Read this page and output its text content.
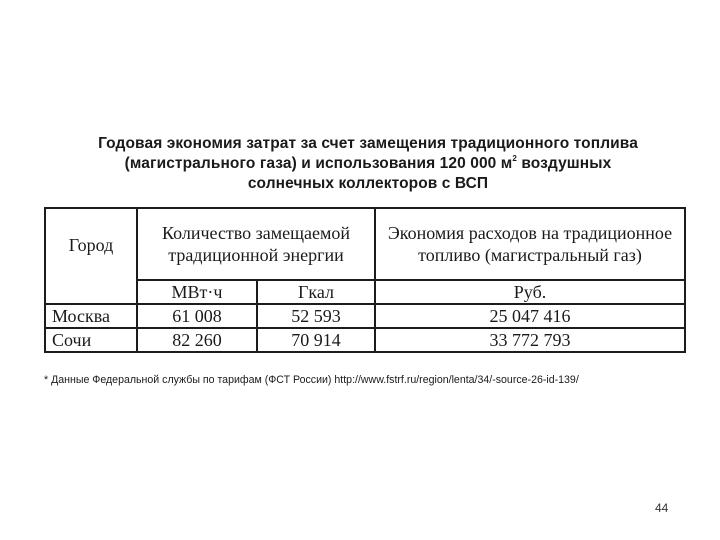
Годовая экономия затрат за счет замещения традиционного топлива
(магистрального газа) и использования 120 000 $м^2$ воздушных
солнечных коллекторов с ВСП
Город	Количество замещаемой традиционной энергии		Экономия расходов на традиционное топливо (магистральный газ)
	МВт·ч	Гкал	Руб.
Москва	61 008	52 593	25 047 416
Сочи	82 260	70 914	33 772 793
* Данные Федеральной службы по тарифам (ФСТ России) http://www.fstrf.ru/region/lenta/34/-source-26-id-139/
44
